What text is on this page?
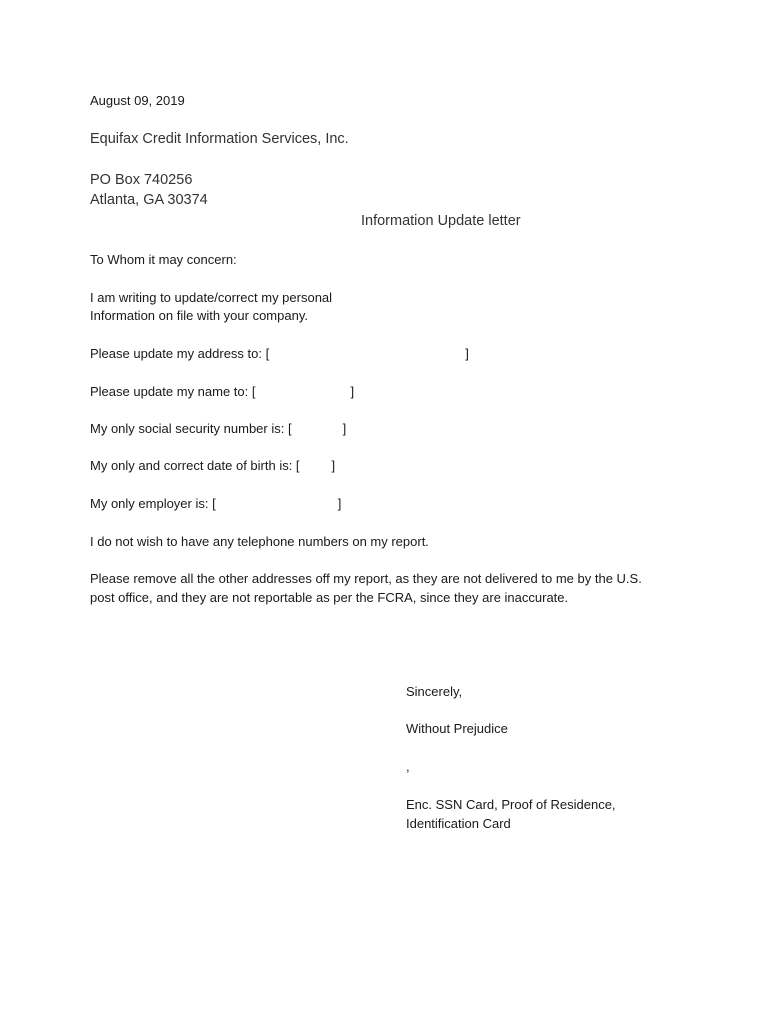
August 09, 2019
Equifax Credit Information Services, Inc.
PO Box 740256
Atlanta, GA 30374
Information Update letter
To Whom it may concern:
I am writing to update/correct my personal
Information on file with your company.
Please update my address to: [	]
Please update my name to: [	]
My only social security number is: [	]
My only and correct date of birth is: [ ]
My only employer is: [	]
I do not wish to have any telephone numbers on my report.
Please remove all the other addresses off my report, as they are not delivered to me by the U.S.
post office, and they are not reportable as per the FCRA, since they are inaccurate.
Sincerely,
Without Prejudice
,
Enc. SSN Card, Proof of Residence,
Identification Card
